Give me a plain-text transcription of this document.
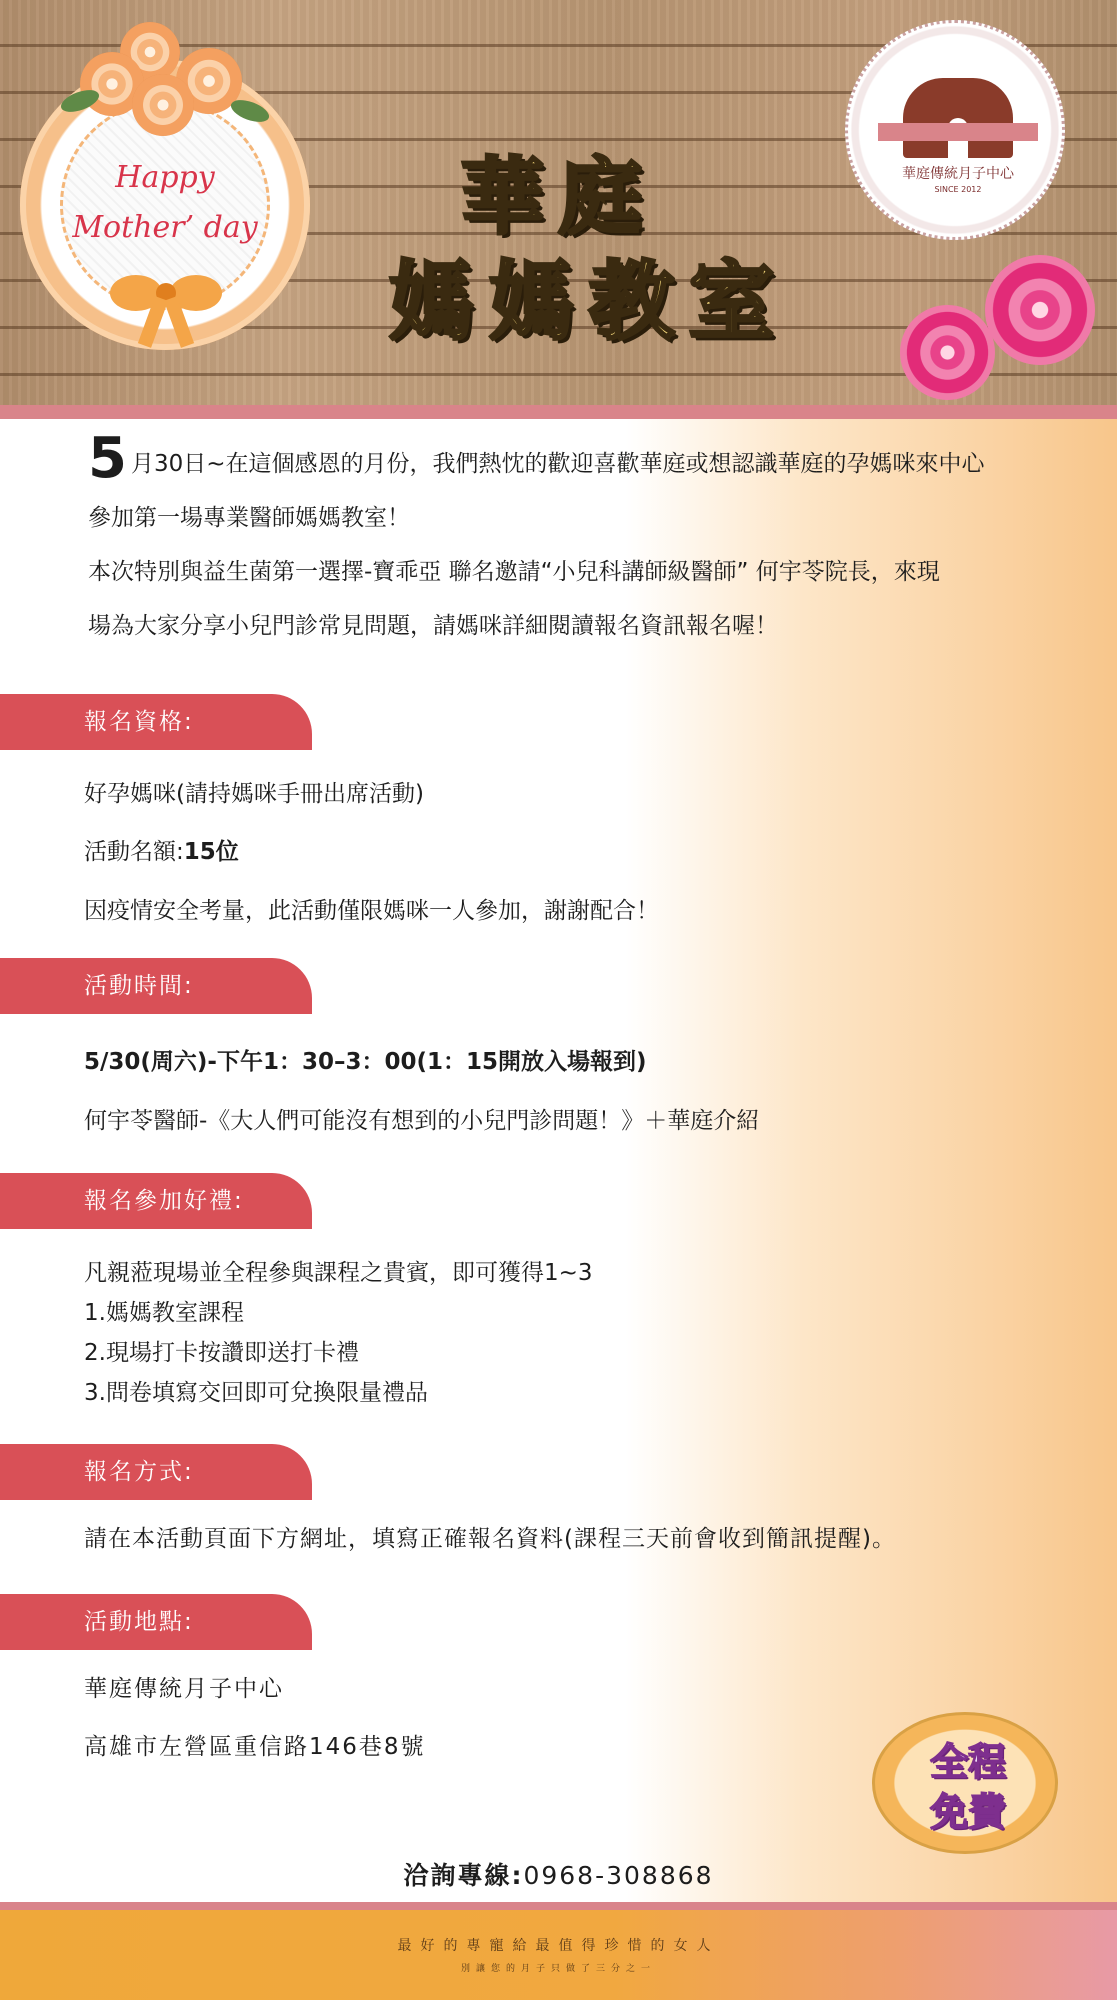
Happy
Mother’ day	華庭
媽媽教室
華庭傳統月子中心
SINCE 2012
5 月30日~在這個感恩的月份，我們熱忱的歡迎喜歡華庭或想認識華庭的孕媽咪來中心
參加第一場專業醫師媽媽教室！
本次特別與益生菌第一選擇-寶乖亞 聯名邀請“小兒科講師級醫師” 何宇苓院長，來現
場為大家分享小兒門診常見問題，請媽咪詳細閱讀報名資訊報名喔！
報名資格:
好孕媽咪(請持媽咪手冊出席活動)
活動名額:15位
因疫情安全考量，此活動僅限媽咪一人參加，謝謝配合！
活動時間:
5/30(周六)-下午1：30–3：00(1：15開放入場報到)
何宇苓醫師-《大人們可能沒有想到的小兒門診問題！》＋華庭介紹
報名參加好禮:
凡親蒞現場並全程參與課程之貴賓，即可獲得1~3
1.媽媽教室課程
2.現場打卡按讚即送打卡禮
3.問卷填寫交回即可兌換限量禮品
報名方式:
請在本活動頁面下方網址，填寫正確報名資料(課程三天前會收到簡訊提醒)。
活動地點:
華庭傳統月子中心
高雄市左營區重信路146巷8號	全程
免費
洽詢專線:0968-308868
最好的專寵給最值得珍惜的女人
別讓您的月子只做了三分之一
